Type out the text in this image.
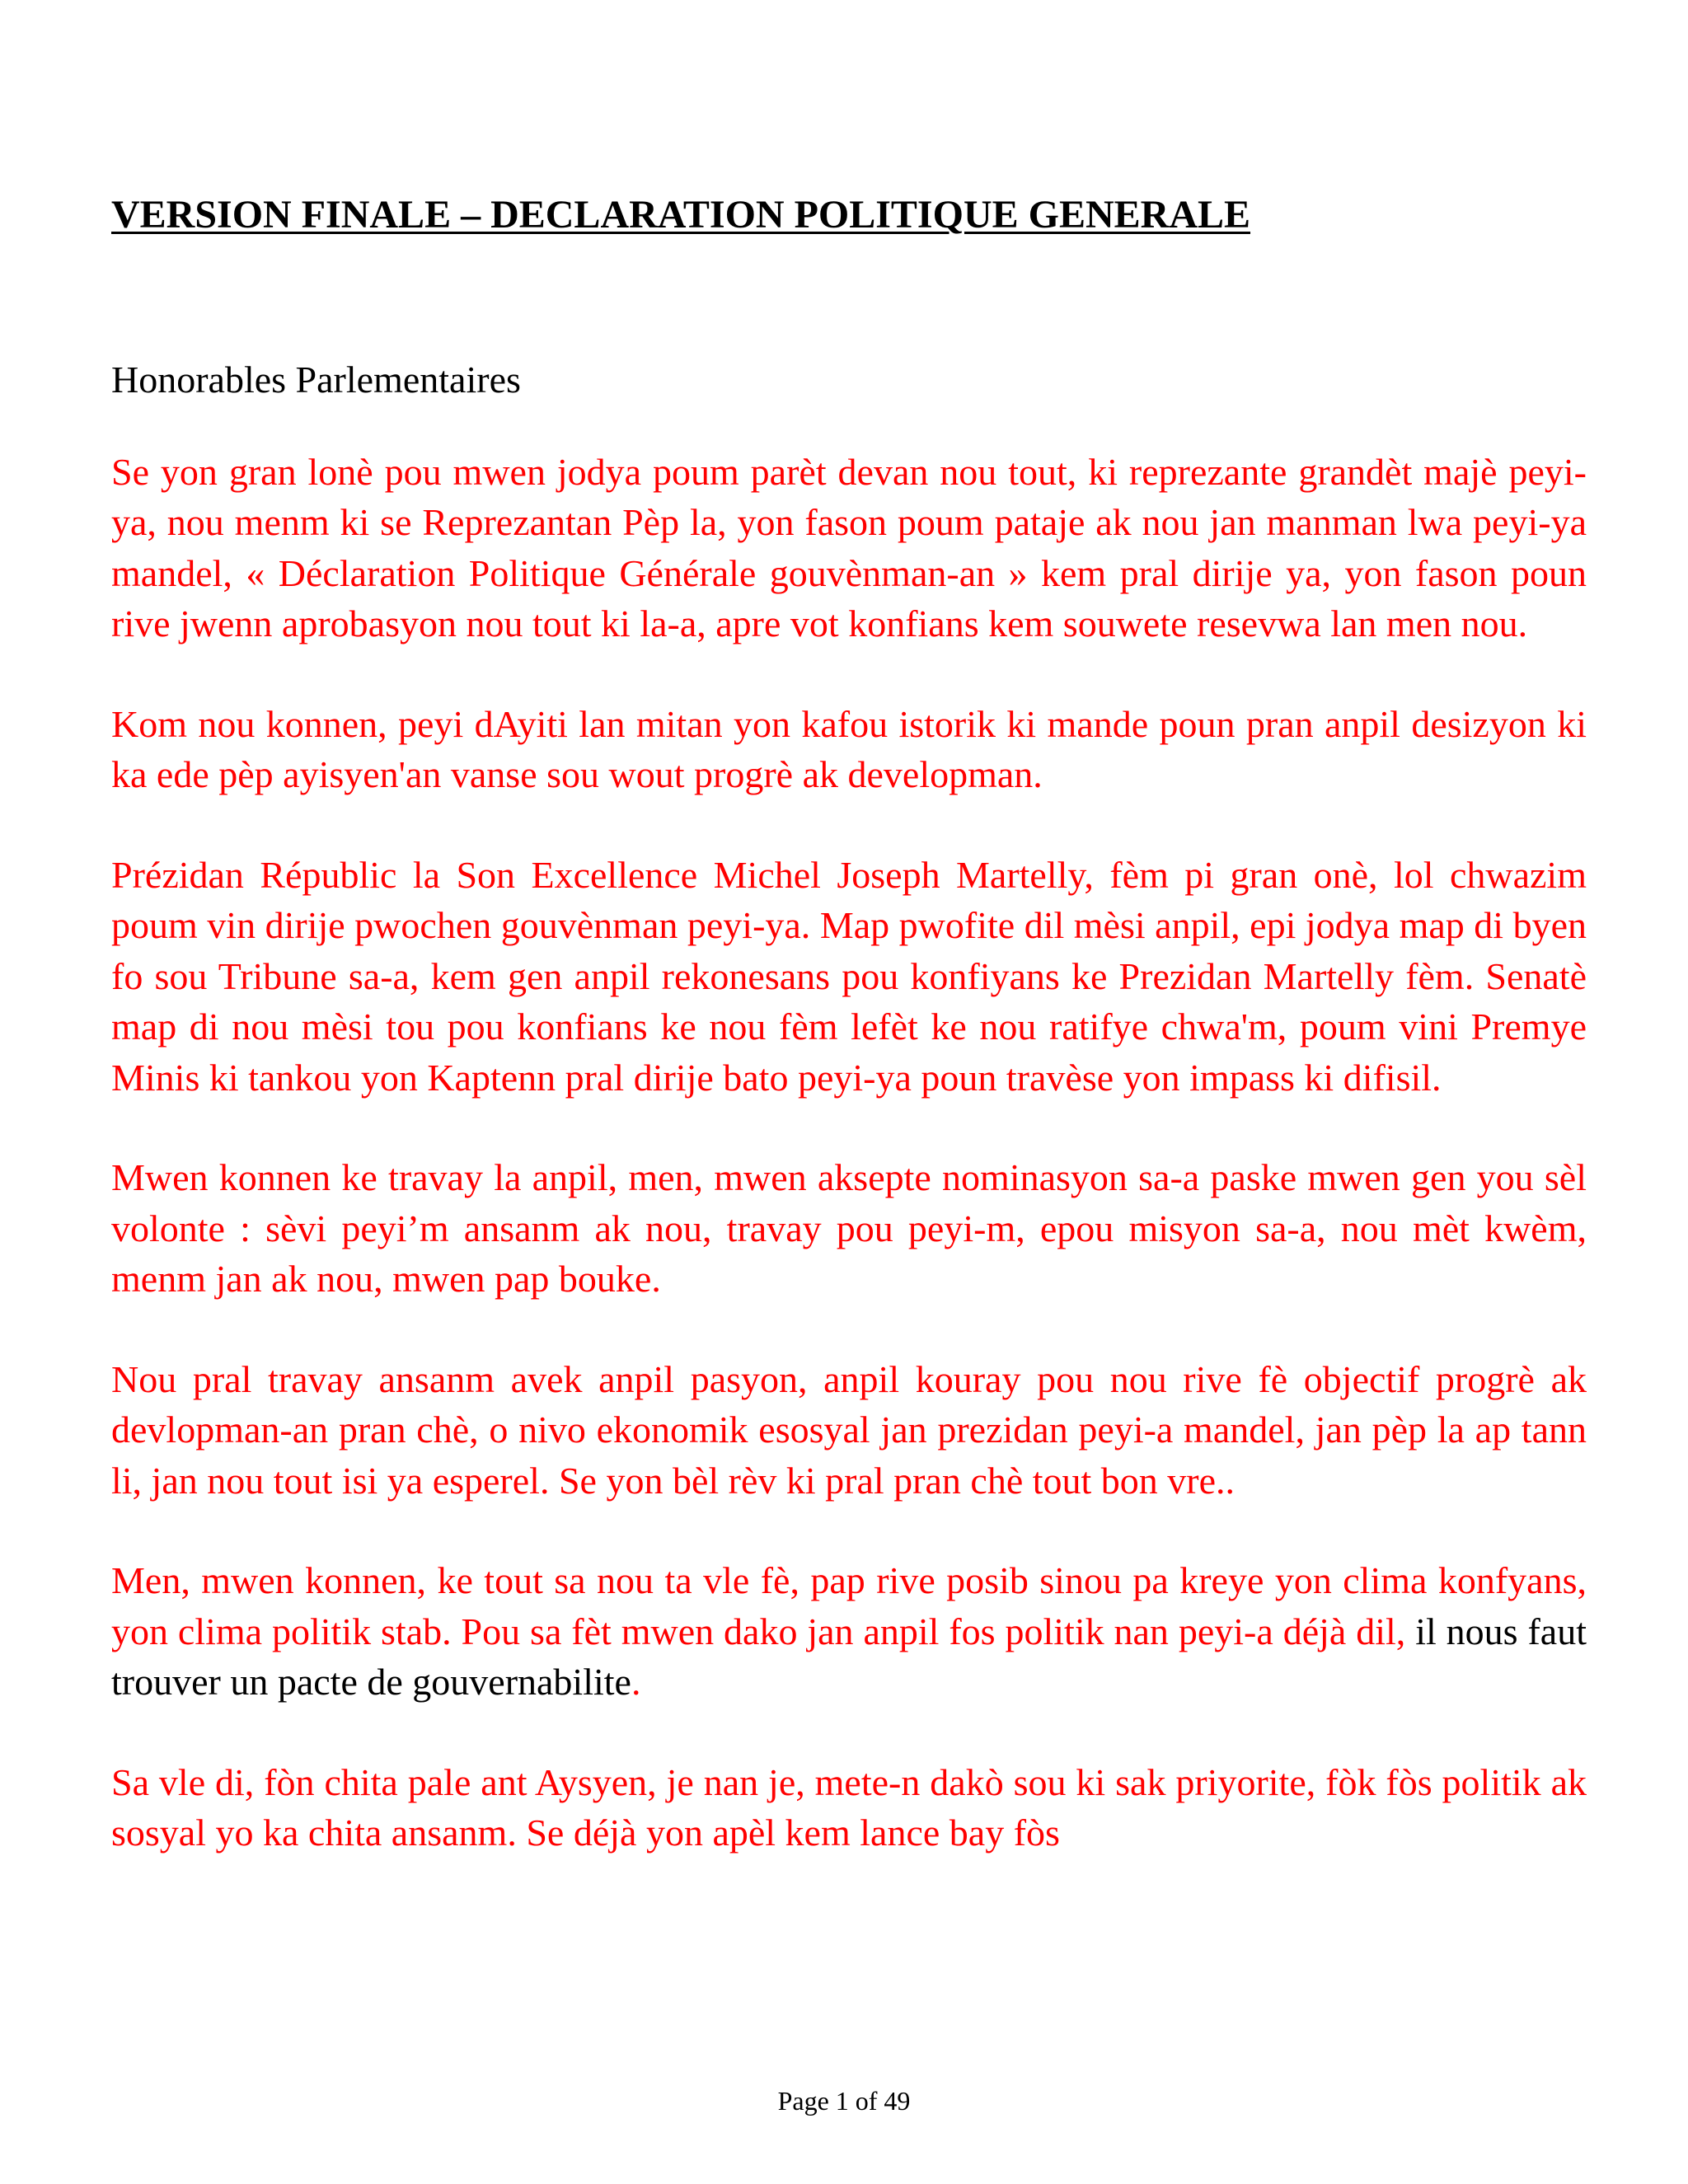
VERSION FINALE – DECLARATION POLITIQUE GENERALE

Honorables Parlementaires

Se yon gran lonè pou mwen jodya poum parèt devan nou tout, ki reprezante grandèt majè peyi-ya, nou menm ki se Reprezantan Pèp la, yon fason poum pataje ak nou jan manman lwa peyi-ya mandel, « Déclaration Politique Générale gouvènman-an » kem pral dirije ya, yon fason poun rive jwenn aprobasyon nou tout ki la-a, apre vot konfians kem souwete resevwa lan men nou.

Kom nou konnen, peyi dAyiti lan mitan yon kafou istorik ki mande poun pran anpil desizyon ki ka ede pèp ayisyen'an vanse sou wout progrè ak developman.

Prézidan Républic la Son Excellence Michel Joseph Martelly, fèm pi gran onè, lol chwazim poum vin dirije pwochen gouvènman peyi-ya. Map pwofite dil mèsi anpil, epi jodya map di byen fo sou Tribune sa-a, kem gen anpil rekonesans pou konfiyans ke Prezidan Martelly fèm. Senatè map di nou mèsi tou pou konfians ke nou fèm lefèt ke nou ratifye chwa'm, poum vini Premye Minis ki tankou yon Kaptenn pral dirije bato peyi-ya poun travèse yon impass ki difisil.

Mwen konnen ke travay la anpil, men, mwen aksepte nominasyon sa-a paske mwen gen you sèl volonte : sèvi peyi’m ansanm ak nou, travay pou peyi-m, epou misyon sa-a, nou mèt kwèm, menm jan ak nou, mwen pap bouke.

Nou pral travay ansanm avek anpil pasyon, anpil kouray pou nou rive fè objectif progrè ak devlopman-an pran chè, o nivo ekonomik esosyal jan prezidan peyi-a mandel, jan pèp la ap tann li, jan nou tout isi ya esperel. Se yon bèl rèv ki pral pran chè tout bon vre..

Men, mwen konnen, ke tout sa nou ta vle fè, pap rive posib sinou pa kreye yon clima konfyans, yon clima politik stab. Pou sa fèt mwen dako jan anpil fos politik nan peyi-a déjà dil, il nous faut trouver un pacte de gouvernabilite.

Sa vle di, fòn chita pale ant Aysyen, je nan je, mete-n dakò sou ki sak priyorite, fòk fòs politik ak sosyal yo ka chita ansanm. Se déjà yon apèl kem lance bay fòs

Page 1 of 49
